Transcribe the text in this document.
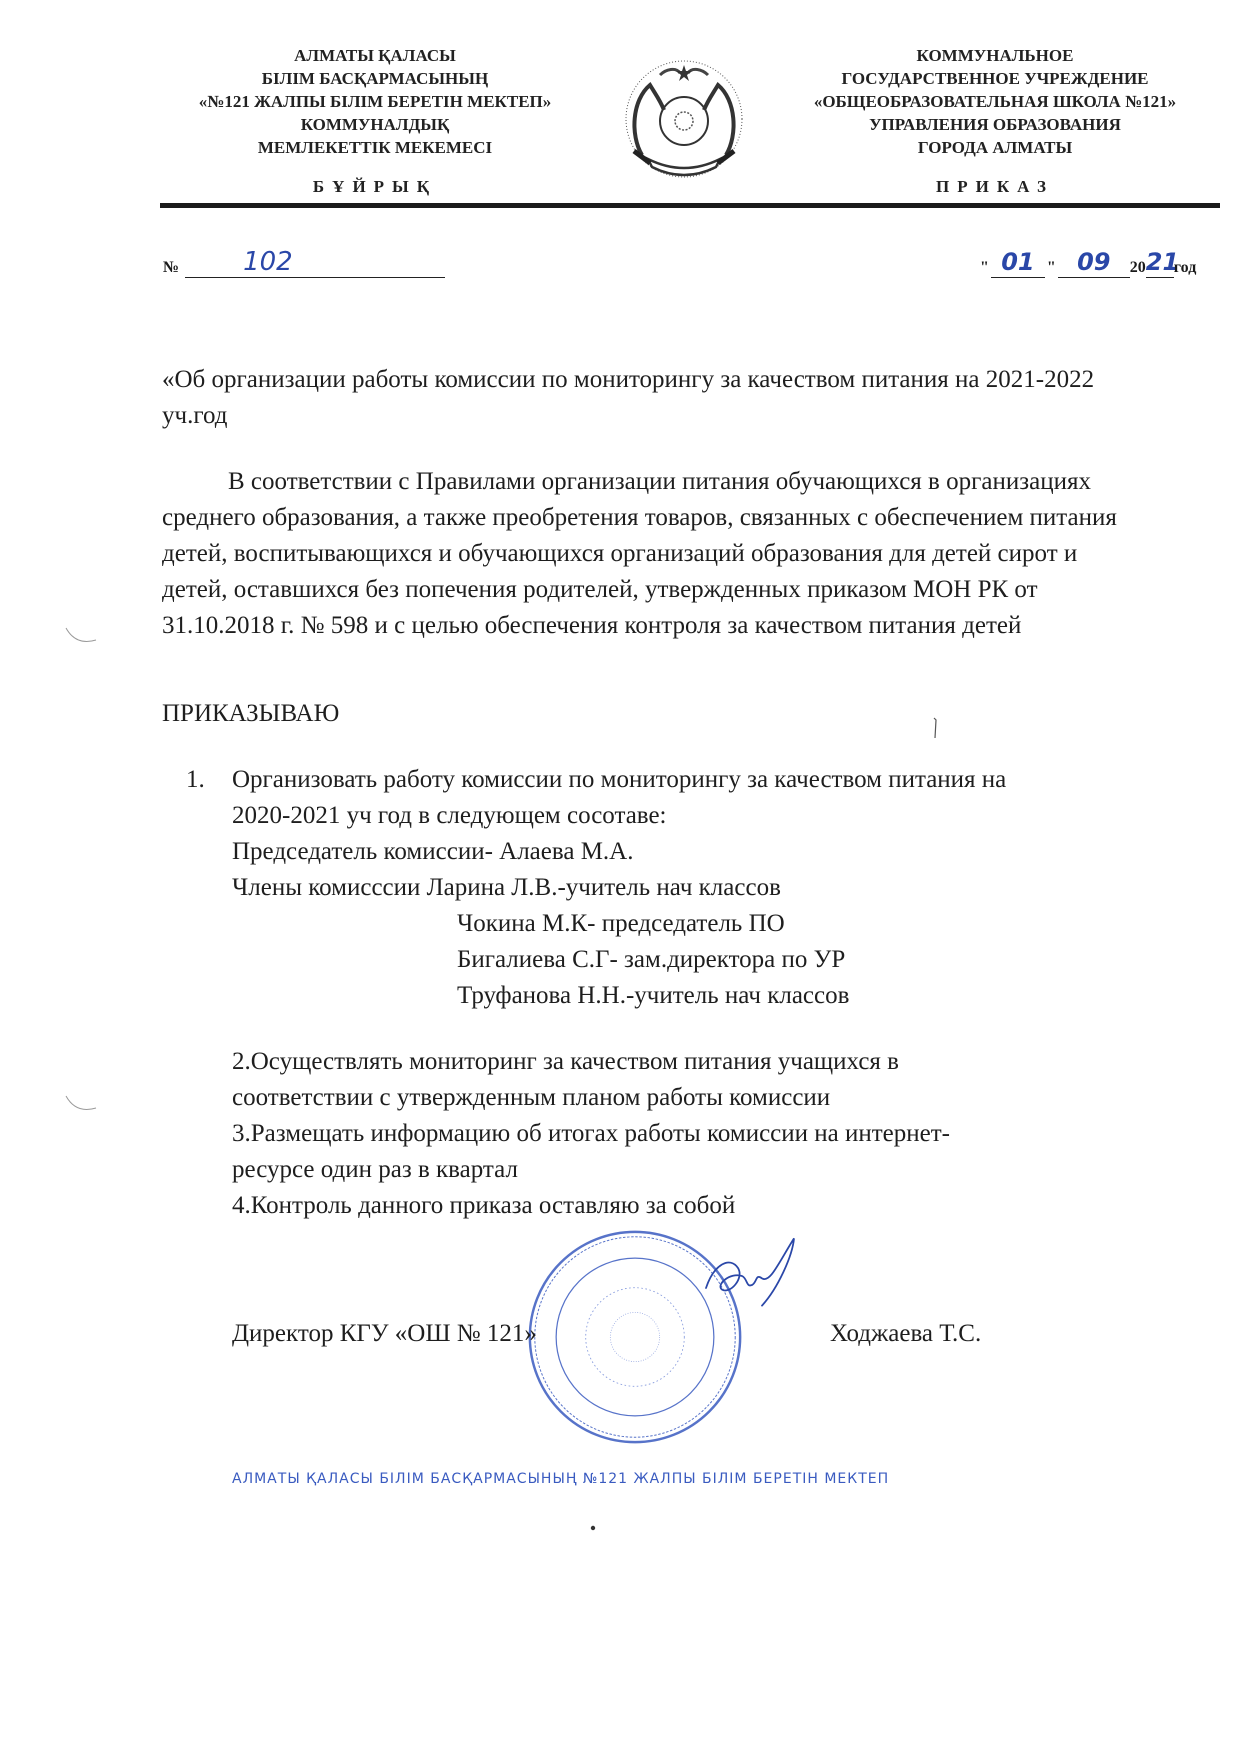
АЛМАТЫ ҚАЛАСЫ
БІЛІМ БАСҚАРМАСЫНЫҢ
«№121 ЖАЛПЫ БІЛІМ БЕРЕТІН МЕКТЕП»
КОММУНАЛДЫҚ
МЕМЛЕКЕТТІК МЕКЕМЕСІ
БҰЙРЫҚ
КОММУНАЛЬНОЕ
ГОСУДАРСТВЕННОЕ УЧРЕЖДЕНИЕ
«ОБЩЕОБРАЗОВАТЕЛЬНАЯ ШКОЛА №121»
УПРАВЛЕНИЯ ОБРАЗОВАНИЯ
ГОРОДА АЛМАТЫ
ПРИКАЗ
№ 102	" 01 " 09	20 21
год
«Об организации работы комиссии по мониторингу за качеством питания на 2021-2022 уч.год
В соответствии с Правилами организации питания обучающихся в организациях среднего образования, а также преобретения товаров, связанных с обеспечением питания детей, воспитывающихся и обучающихся организаций образования для детей сирот и детей, оставшихся без попечения родителей, утвержденных приказом МОН РК от 31.10.2018 г. № 598 и с целью обеспечения контроля за качеством питания детей
ПРИКАЗЫВАЮ
1. Организовать работу комиссии по мониторингу за качеством питания на
2020-2021 уч год в следующем сосотаве:
Председатель комиссии- Алаева М.А.
Члены комисссии Ларина Л.В.-учитель нач классов
Чокина М.К- председатель ПО
Бигалиева С.Г- зам.директора по УР
Труфанова Н.Н.-учитель нач классов
2.Осуществлять мониторинг за качеством питания учащихся в
соответствии с утвержденным планом работы комиссии
3.Размещать информацию об итогах работы комиссии на интернет-
ресурсе один раз в квартал
4.Контроль данного приказа оставляю за собой
Директор КГУ «ОШ № 121»	Ходжаева Т.С.
АЛМАТЫ ҚАЛАСЫ БІЛІМ БАСҚАРМАСЫНЫҢ №121 ЖАЛПЫ БІЛІМ БЕРЕТІН МЕКТЕП
